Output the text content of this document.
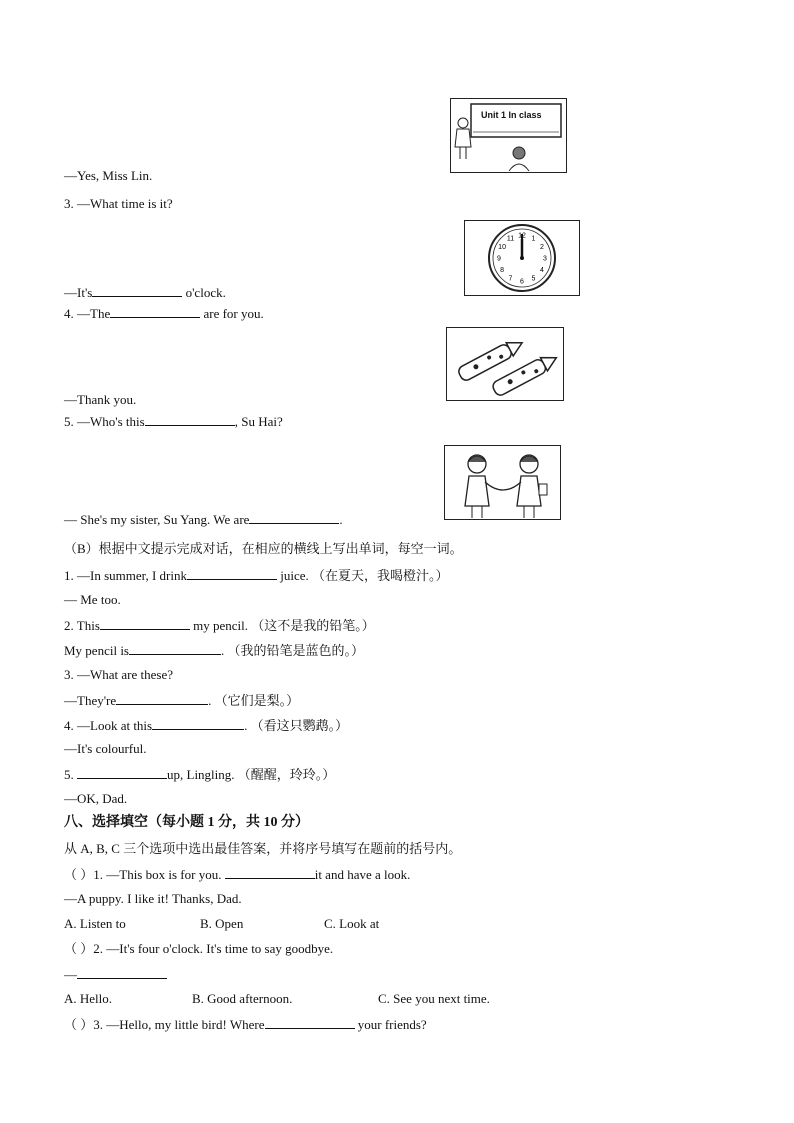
Unit 1 In class
—Yes, Miss Lin.
3. —What time is it?
12 1
2
3
4
5
6
7
8
9
10
11
—It's	o'clock.
4. —The	are for you.
—Thank you.
5. —Who's this	, Su Hai?
— She's my sister, Su Yang. We are	.
（B）根据中文提示完成对话，在相应的横线上写出单词，每空一词。
1. —In summer, I drink	juice. （在夏天，我喝橙汁。）
— Me too.
2. This	my pencil. （这不是我的铅笔。）
My pencil is	. （我的铅笔是蓝色的。）
3. —What are these?
—They're	. （它们是梨。）
4. —Look at this	. （看这只鹦鹉。）
—It's colourful.
5.	up, Lingling. （醒醒，玲玲。）
—OK, Dad.
八、选择填空（每小题 1 分，共 10 分）
从 A, B, C 三个选项中选出最佳答案，并将序号填写在题前的括号内。
（ ）1. —This box is for you.	it and have a look.
—A puppy. I like it! Thanks, Dad.
A. Listen to	B. Open	C. Look at
（ ）2. —It's four o'clock. It's time to say goodbye.
—
A. Hello.	B. Good afternoon.	C. See you next time.
（ ）3. —Hello, my little bird! Where	your friends?
